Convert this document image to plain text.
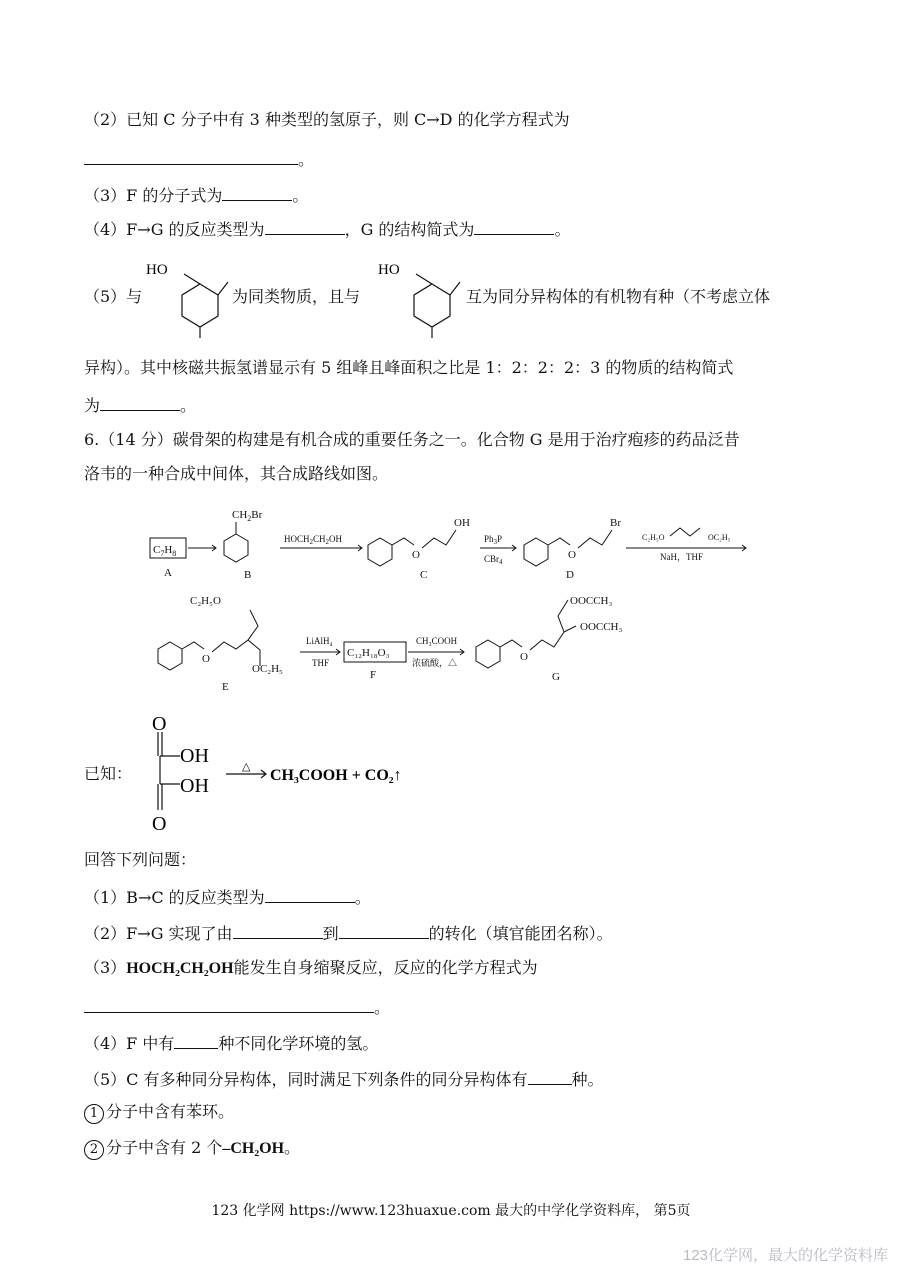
（2）已知 C 分子中有 3 种类型的氢原子，则 C→D 的化学方程式为
。
（3）F 的分子式为	。
（4）F→G 的反应类型为	，G 的结构简式为	。
（5）与
HO
为同类物质，且与
HO
互为同分异构体的有机物有种（不考虑立体
异构）。其中核磁共振氢谱显示有 5 组峰且峰面积之比是 1：2：2：2：3 的物质的结构简式
为	。
6.（14 分）碳骨架的构建是有机合成的重要任务之一。化合物 G 是用于治疗疱疹的药品泛昔
洛韦的一种合成中间体，其合成路线如图。
$C_7H_8$
A
$CH_2Br$
B
$HOCH_2CH_2OH$
O
OH
C
$Ph_3P$
CBr$_4$
O
Br
D
C₂H₅O	OC₂H₅
NaH，THF
O
C₂H₅O
OC₂H₅
E
LiAlH₄
THF
C₁₂H₁₈O₃
F
CH₃COOH
浓硫酸，△	O
OOCCH₃
OOCCH₃
G
已知：
O
OH
OH
O
△ CH₃COOH + CO₂↑
回答下列问题：
（1）B→C 的反应类型为	。
（2）F→G 实现了由	到	的转化（填官能团名称）。
（3）HOCH₂CH₂OH能发生自身缩聚反应，反应的化学方程式为
。
（4）F 中有	种不同化学环境的氢。
（5）C 有多种同分异构体，同时满足下列条件的同分异构体有	种。
1 分子中含有苯环。
2 分子中含有 2 个–CH₂OH。
123 化学网 https://www.123huaxue.com 最大的中学化学资料库， 第5页
123化学网，最大的化学资料库
